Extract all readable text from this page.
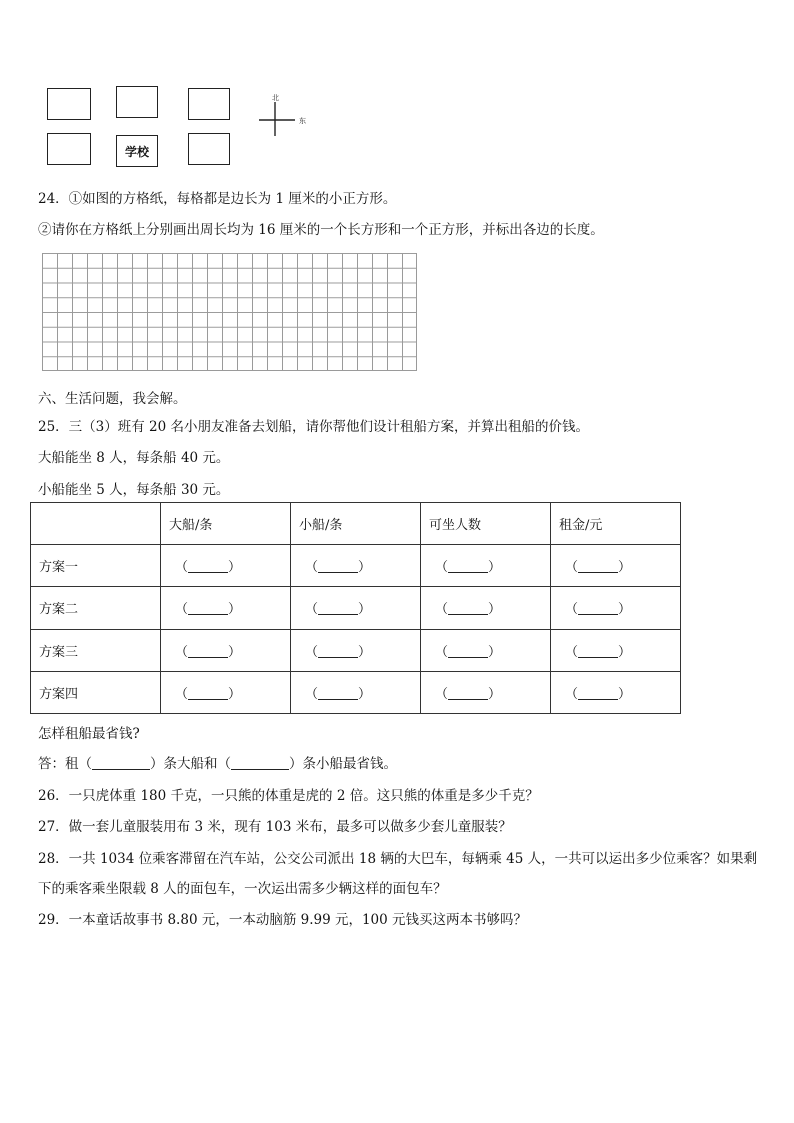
学校
北
东
24．①如图的方格纸，每格都是边长为 1 厘米的小正方形。
②请你在方格纸上分别画出周长均为 16 厘米的一个长方形和一个正方形，并标出各边的长度。
六、生活问题，我会解。
25．三（3）班有 20 名小朋友准备去划船，请你帮他们设计租船方案，并算出租船的价钱。
大船能坐 8 人，每条船 40 元。
小船能坐 5 人，每条船 30 元。
	大船/条	小船/条	可坐人数	租金/元
方案一	（ ）	（ ）	（ ）	（ ）
方案二	（ ）	（ ）	（ ）	（ ）
方案三	（ ）	（ ）	（ ）	（ ）
方案四	（ ）	（ ）	（ ）	（ ）
怎样租船最省钱?
答：租（	）条大船和（	）条小船最省钱。
26．一只虎体重 180 千克，一只熊的体重是虎的 2 倍。这只熊的体重是多少千克？
27．做一套儿童服装用布 3 米，现有 103 米布，最多可以做多少套儿童服装？
28．一共 1034 位乘客滞留在汽车站，公交公司派出 18 辆的大巴车，每辆乘 45 人，一共可以运出多少位乘客？如果剩
下的乘客乘坐限载 8 人的面包车，一次运出需多少辆这样的面包车？
29．一本童话故事书 8.80 元，一本动脑筋 9.99 元，100 元钱买这两本书够吗？
